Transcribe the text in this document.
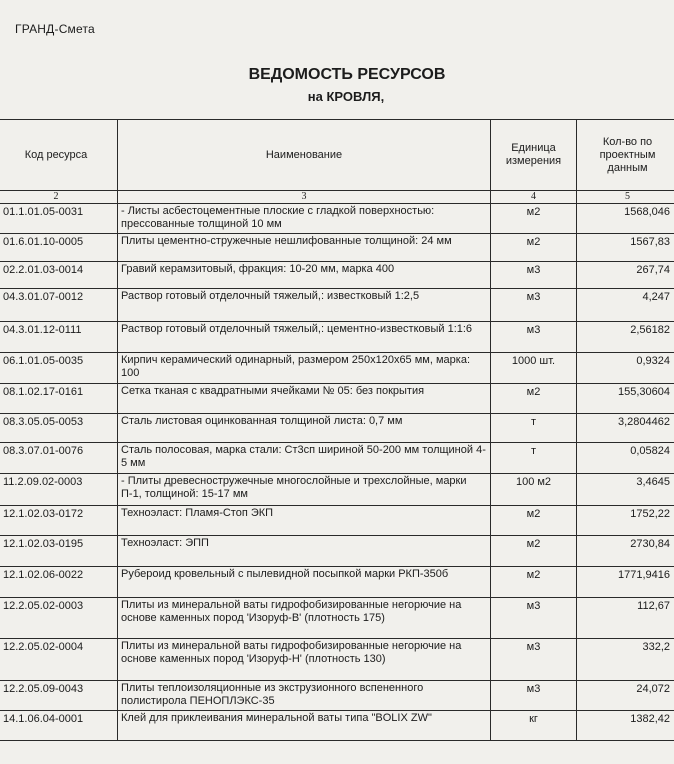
ГРАНД-Смета
ВЕДОМОСТЬ РЕСУРСОВ
на КРОВЛЯ,
Код ресурса	Наименование	Единица измерения	Кол-во по проектным данным
2	3	4	5
01.1.01.05-0031	- Листы асбестоцементные плоские с гладкой поверхностью: прессованные толщиной 10 мм	м2	1568,046
01.6.01.10-0005	Плиты цементно-стружечные нешлифованные толщиной: 24 мм	м2	1567,83
02.2.01.03-0014	Гравий керамзитовый, фракция: 10-20 мм, марка 400	м3	267,74
04.3.01.07-0012	Раствор готовый отделочный тяжелый,: известковый 1:2,5	м3	4,247
04.3.01.12-0111	Раствор готовый отделочный тяжелый,: цементно-известковый 1:1:6	м3	2,56182
06.1.01.05-0035	Кирпич керамический одинарный, размером 250х120х65 мм, марка: 100	1000 шт.	0,9324
08.1.02.17-0161	Сетка тканая с квадратными ячейками № 05: без покрытия	м2	155,30604
08.3.05.05-0053	Сталь листовая оцинкованная толщиной листа: 0,7 мм	т	3,2804462
08.3.07.01-0076	Сталь полосовая, марка стали: Ст3сп шириной 50-200 мм толщиной 4-5 мм	т	0,05824
11.2.09.02-0003	- Плиты древесностружечные многослойные и трехслойные, марки П-1, толщиной: 15-17 мм	100 м2	3,4645
12.1.02.03-0172	Техноэласт: Пламя-Стоп ЭКП	м2	1752,22
12.1.02.03-0195	Техноэласт: ЭПП	м2	2730,84
12.1.02.06-0022	Рубероид кровельный с пылевидной посыпкой марки РКП-350б	м2	1771,9416
12.2.05.02-0003	Плиты из минеральной ваты гидрофобизированные негорючие на основе каменных пород 'Изоруф-В' (плотность 175)	м3	112,67
12.2.05.02-0004	Плиты из минеральной ваты гидрофобизированные негорючие на основе каменных пород 'Изоруф-Н' (плотность 130)	м3	332,2
12.2.05.09-0043	Плиты теплоизоляционные из экструзионного вспененного полистирола ПЕНОПЛЭКС-35	м3	24,072
14.1.06.04-0001	Клей для приклеивания минеральной ваты типа "BOLIX ZW"	кг	1382,42
